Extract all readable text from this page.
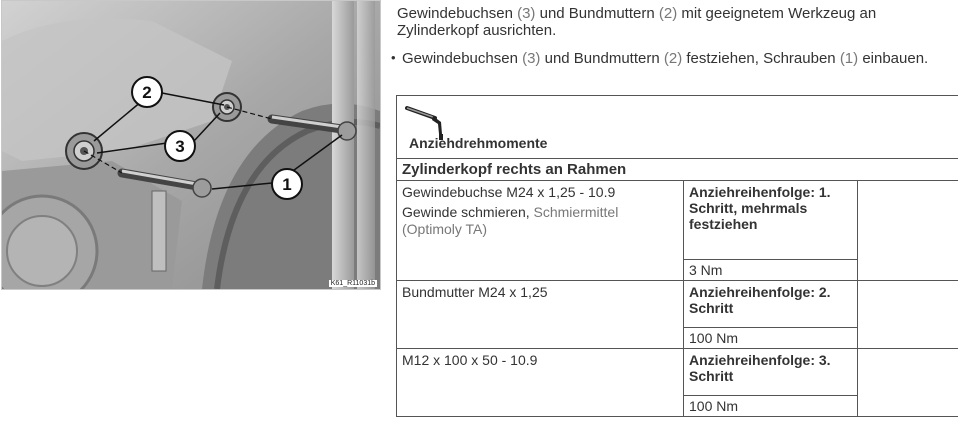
2
3
1
K61_R11031b

Gewindebuchsen (3) und Bundmuttern (2) mit geeignetem Werkzeug an Zylinderkopf ausrichten.

• Gewindebuchsen (3) und Bundmuttern (2) festziehen, Schrauben (1) einbauen.

Anziehdrehmomente		

Zylinderkopf rechts an Rahmen		

Gewindebuchse M24 x 1,25 - 10.9
Gewinde schmieren, Schmiermittel (Optimoly TA)	Anziehreihenfolge: 1. Schritt, mehrmals festziehen	
	3 Nm	
Bundmutter M24 x 1,25	Anziehreihenfolge: 2. Schritt	
	100 Nm	
M12 x 100 x 50 - 10.9	Anziehreihenfolge: 3. Schritt	
	100 Nm	
